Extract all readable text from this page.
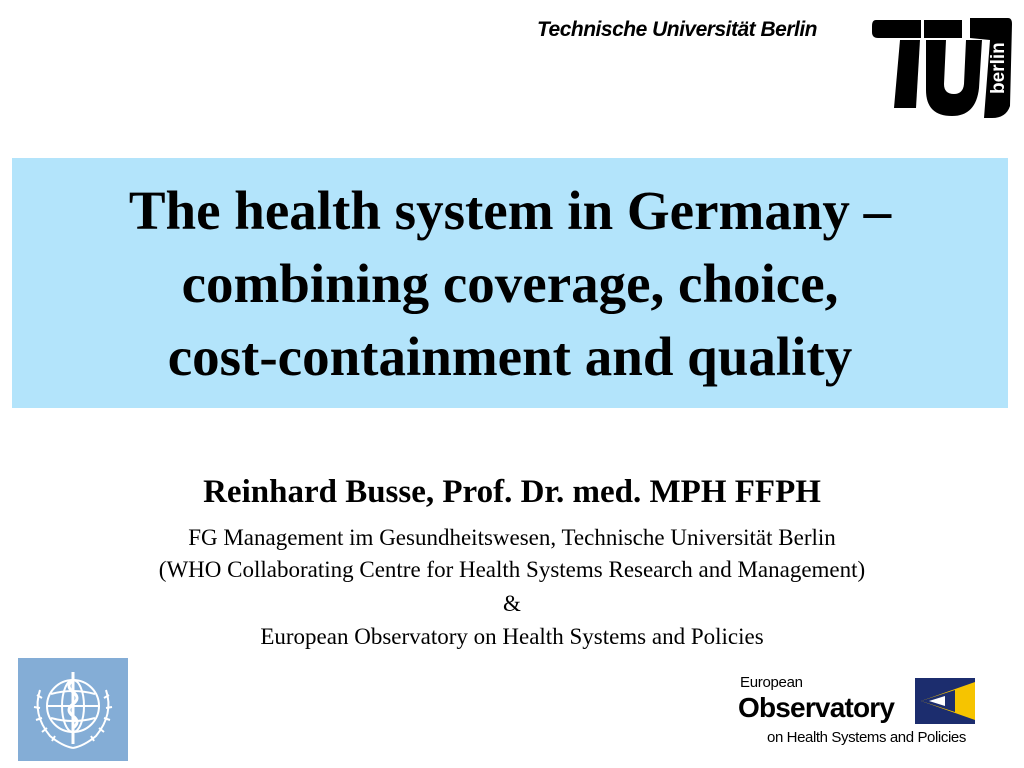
Technische Universität Berlin
berlin
The health system in Germany –
combining coverage, choice,
cost-containment and quality
Reinhard Busse, Prof. Dr. med. MPH FFPH
FG Management im Gesundheitswesen, Technische Universität Berlin
(WHO Collaborating Centre for Health Systems Research and Management)
&
European Observatory on Health Systems and Policies
European
Observatory
on Health Systems and Policies
